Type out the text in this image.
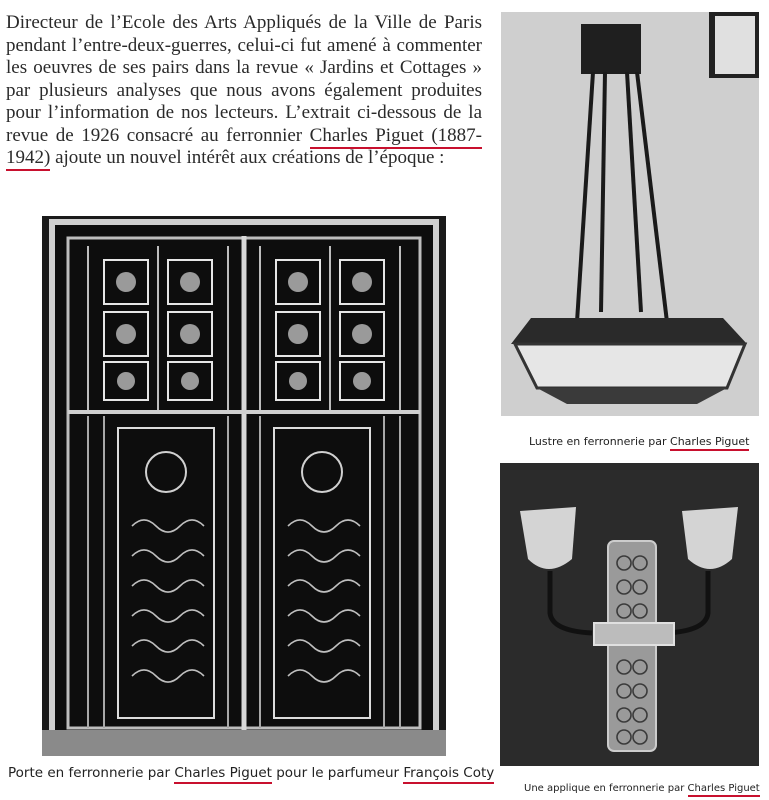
Directeur de l’Ecole des Arts Appliqués de la Ville de Paris pendant l’entre-deux-guerres, celui-ci fut amené à commenter les oeuvres de ses pairs dans la revue « Jardins et Cottages » par plusieurs analyses que nous avons également produites pour l’information de nos lecteurs. L’extrait ci-dessous de la revue de 1926 consacré au ferronnier Charles Piguet (1887-1942) ajoute un nouvel intérêt aux créations de l’époque :

Porte en ferronnerie par Charles Piguet pour le parfumeur François Coty
Lustre en ferronnerie par Charles Piguet
Une applique en ferronnerie par Charles Piguet
